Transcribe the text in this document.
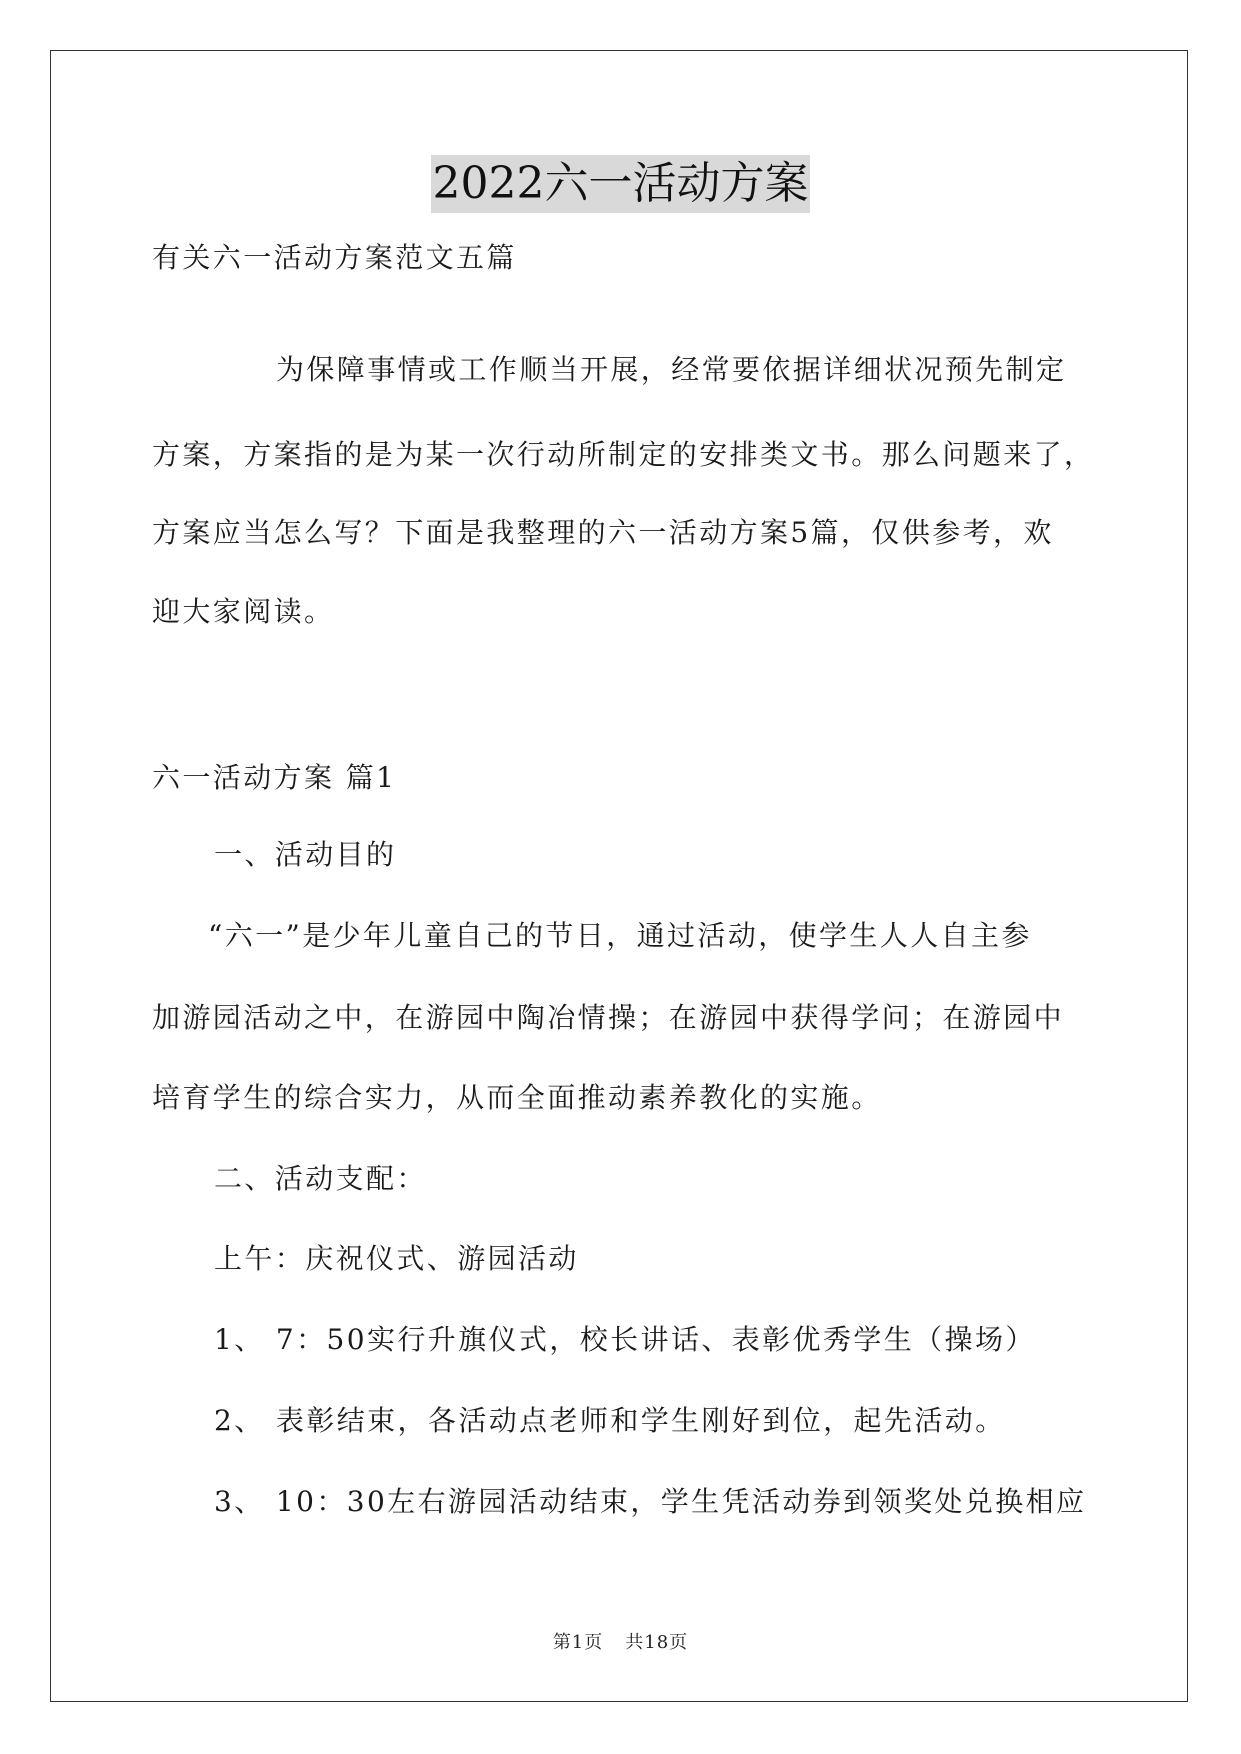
2022六一活动方案
有关六一活动方案范文五篇
为保障事情或工作顺当开展，经常要依据详细状况预先制定
方案，方案指的是为某一次行动所制定的安排类文书。那么问题来了，
方案应当怎么写？下面是我整理的六一活动方案5篇，仅供参考，欢
迎大家阅读。
六一活动方案 篇1
一、活动目的
“六一”是少年儿童自己的节日，通过活动，使学生人人自主参
加游园活动之中，在游园中陶冶情操；在游园中获得学问；在游园中
培育学生的综合实力，从而全面推动素养教化的实施。
二、活动支配：
上午：庆祝仪式、游园活动
1、 7：50实行升旗仪式，校长讲话、表彰优秀学生（操场）
2、 表彰结束，各活动点老师和学生刚好到位，起先活动。
3、 10：30左右游园活动结束，学生凭活动券到领奖处兑换相应
第1页 共18页
